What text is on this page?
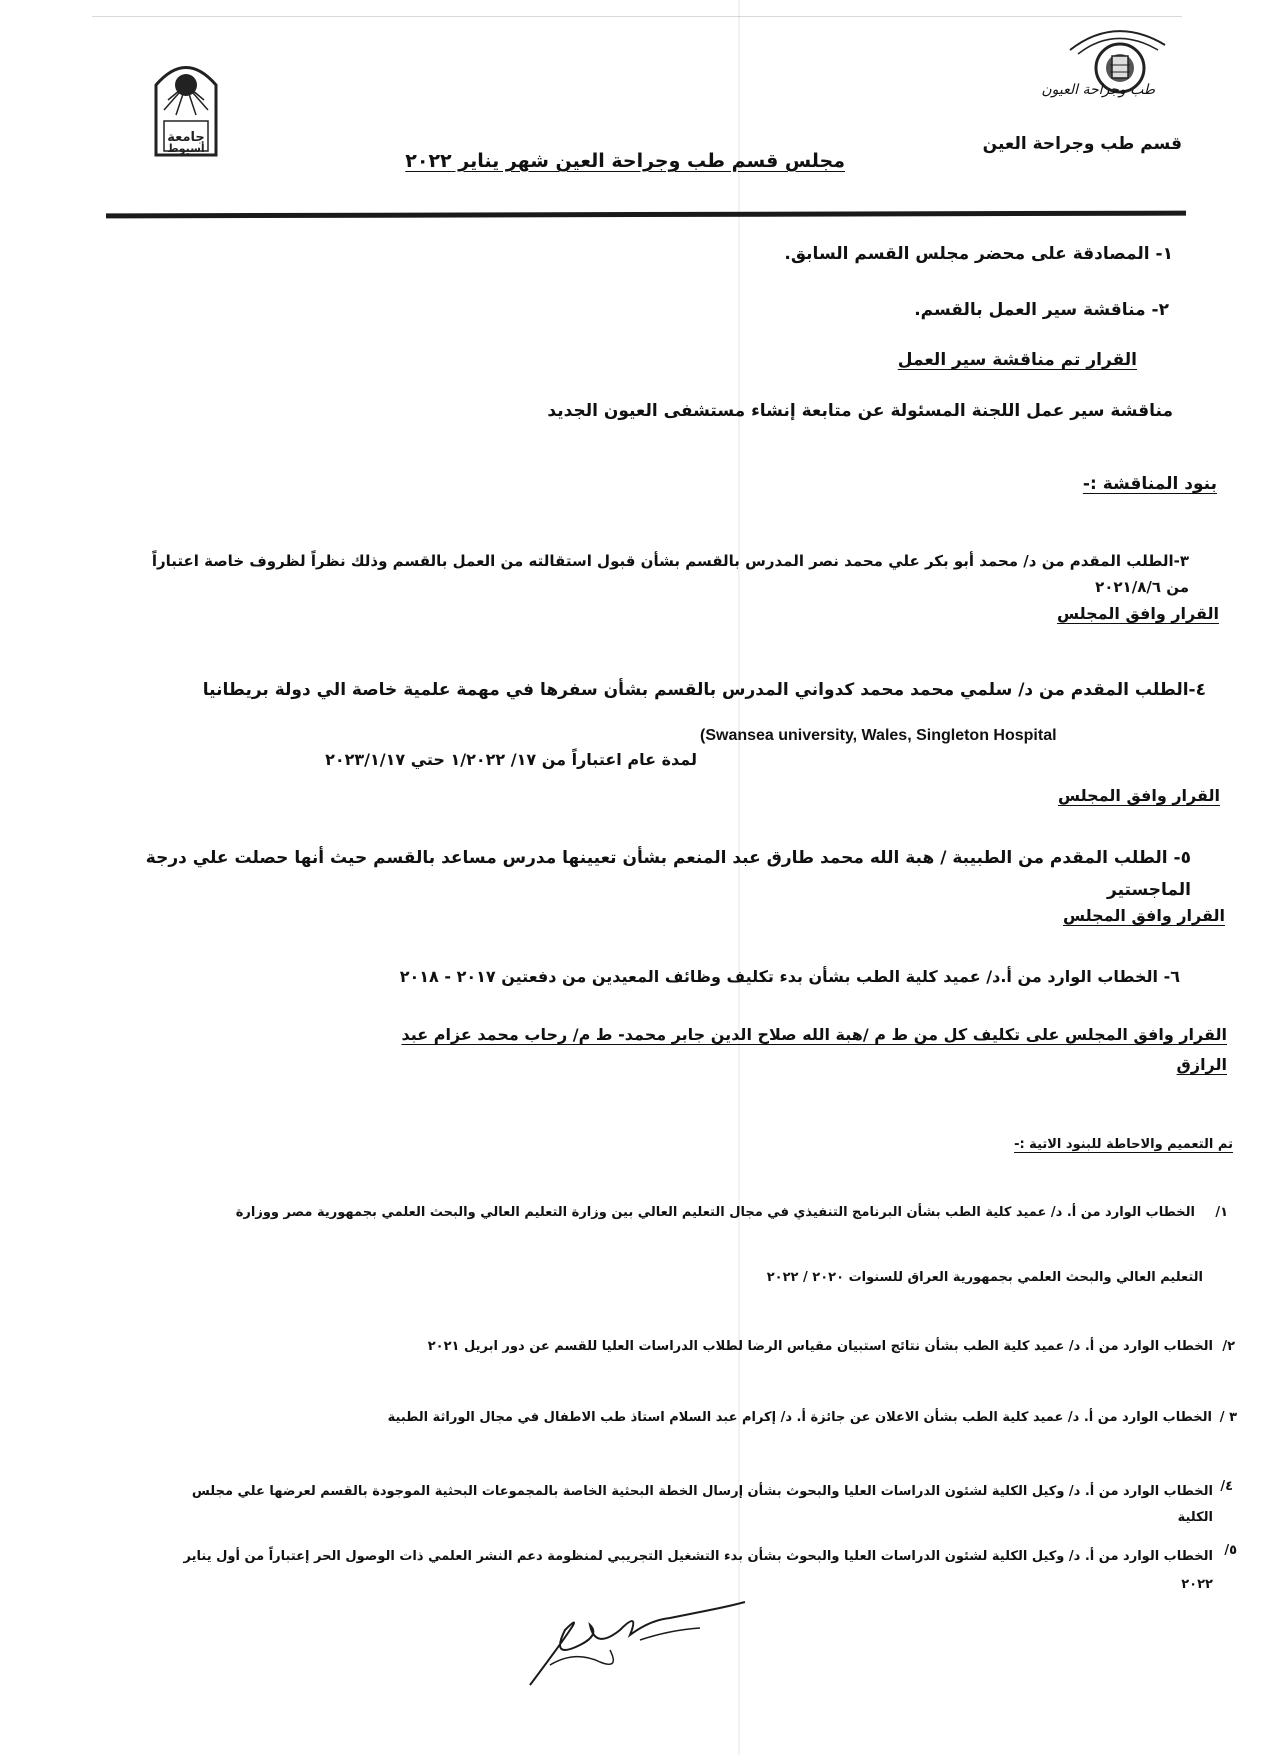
طب وجراحة العيون
جامعة
أسيوط	قسم طب وجراحة العين
مجلس قسم طب وجراحة العين شهر يناير ٢٠٢٢
١- المصادقة على محضر مجلس القسم السابق.
٢- مناقشة سير العمل بالقسم.
القرار تم مناقشة سير العمل
مناقشة سير عمل اللجنة المسئولة عن متابعة إنشاء مستشفى العيون الجديد
بنود المناقشة :-
٣-الطلب المقدم من د/ محمد أبو بكر علي محمد نصر المدرس بالقسم بشأن قبول استقالته من العمل بالقسم وذلك نظراً لظروف خاصة اعتباراً من ٢٠٢١/٨/٦
القرار وافق المجلس
٤-الطلب المقدم من د/ سلمي محمد محمد كدواني المدرس بالقسم بشأن سفرها في مهمة علمية خاصة الي دولة بريطانيا
(Swansea university, Wales, Singleton Hospital
لمدة عام اعتباراً من ١٧/ ١/٢٠٢٢ حتي ٢٠٢٣/١/١٧
القرار وافق المجلس
٥- الطلب المقدم من الطبيبة / هبة الله محمد طارق عبد المنعم بشأن تعيينها مدرس مساعد بالقسم حيث أنها حصلت علي درجة الماجستير
القرار وافق المجلس
٦- الخطاب الوارد من أ.د/ عميد كلية الطب بشأن بدء تكليف وظائف المعيدين من دفعتين ٢٠١٧ - ٢٠١٨
القرار وافق المجلس على تكليف كل من ط م /هبة الله صلاح الدين جابر محمد- ط م/ رحاب محمد عزام عبد الرازق
تم التعميم والاحاطة للبنود الاتية :-
١/
الخطاب الوارد من أ. د/ عميد كلية الطب بشأن البرنامج التنفيذي في مجال التعليم العالي بين وزارة التعليم العالي والبحث العلمي بجمهورية مصر ووزارة
التعليم العالي والبحث العلمي بجمهورية العراق للسنوات ٢٠٢٠ / ٢٠٢٢
٢/
الخطاب الوارد من أ. د/ عميد كلية الطب بشأن نتائج استبيان مقياس الرضا لطلاب الدراسات العليا للقسم عن دور ابريل ٢٠٢١
٣ /
الخطاب الوارد من أ. د/ عميد كلية الطب بشأن الاعلان عن جائزة أ. د/ إكرام عبد السلام استاذ طب الاطفال في مجال الوراثة الطبية
٤/
الخطاب الوارد من أ. د/ وكيل الكلية لشئون الدراسات العليا والبحوث بشأن إرسال الخطة البحثية الخاصة بالمجموعات البحثية الموجودة بالقسم لعرضها علي مجلس الكلية
٥/
الخطاب الوارد من أ. د/ وكيل الكلية لشئون الدراسات العليا والبحوث بشأن بدء التشغيل التجريبي لمنظومة دعم النشر العلمي ذات الوصول الحر إعتباراً من أول يناير ٢٠٢٢
